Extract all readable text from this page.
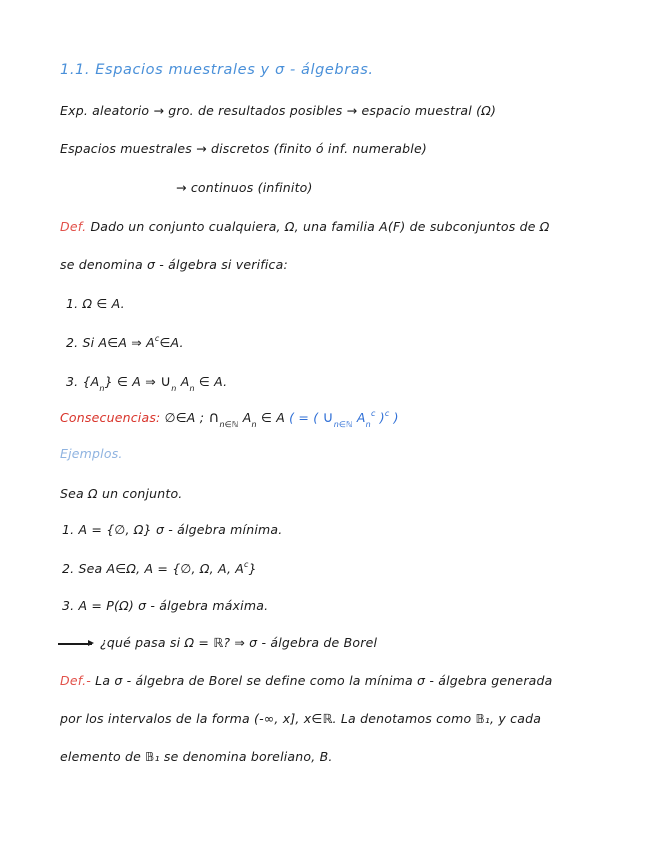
1.1. Espacios muestrales y σ - álgebras.
Exp. aleatorio → gro. de resultados posibles → espacio muestral (Ω)
Espacios muestrales → discretos (finito ó inf. numerable)
→ continuos (infinito)
Def. Dado un conjunto cualquiera, Ω, una familia A(F) de subconjuntos de Ω
se denomina σ - álgebra si verifica:
1. Ω ∈ A.
2. Si A∈A ⇒ $A^c\in A$.
3. $\{A_n\}$ ∈ A ⇒ $\cup_n$ $A_n$ ∈ A.
Consecuencias: ∅∈A ; $\cap_{n\in ℕ}$ $A_n$ ∈ A ( = ( $\cup_{n\in ℕ}$ $A_n^c$ )$^c$ )
Ejemplos.
Sea Ω un conjunto.
1. A = {∅, Ω} σ - álgebra mínima.
2. Sea A∈Ω, A = {∅, Ω, A, $A^c$}
3. A = P(Ω) σ - álgebra máxima.
¿qué pasa si Ω = ℝ? ⇒ σ - álgebra de Borel
Def.- La σ - álgebra de Borel se define como la mínima σ - álgebra generada
por los intervalos de la forma (-∞, x], x∈ℝ. La denotamos como 𝔹₁, y cada
elemento de 𝔹₁ se denomina boreliano, B.
